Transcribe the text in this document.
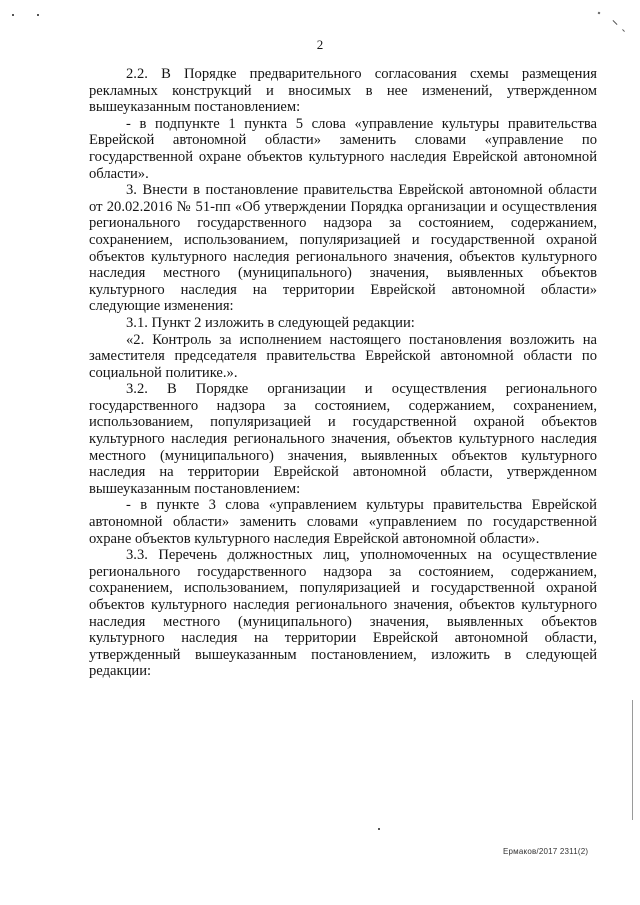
2

2.2. В Порядке предварительного согласования схемы размещения рекламных конструкций и вносимых в нее изменений, утвержденном вышеуказанным постановлением:

- в подпункте 1 пункта 5 слова «управление культуры правительства Еврейской автономной области» заменить словами «управление по государственной охране объектов культурного наследия Еврейской автономной области».

3. Внести в постановление правительства Еврейской автономной области от 20.02.2016 № 51-пп «Об утверждении Порядка организации и осуществления регионального государственного надзора за состоянием, содержанием, сохранением, использованием, популяризацией и государственной охраной объектов культурного наследия регионального значения, объектов культурного наследия местного (муниципального) значения, выявленных объектов культурного наследия на территории Еврейской автономной области» следующие изменения:

3.1. Пункт 2 изложить в следующей редакции:

«2. Контроль за исполнением настоящего постановления возложить на заместителя председателя правительства Еврейской автономной области по социальной политике.».

3.2. В Порядке организации и осуществления регионального государственного надзора за состоянием, содержанием, сохранением, использованием, популяризацией и государственной охраной объектов культурного наследия регионального значения, объектов культурного наследия местного (муниципального) значения, выявленных объектов культурного наследия на территории Еврейской автономной области, утвержденном вышеуказанным постановлением:

- в пункте 3 слова «управлением культуры правительства Еврейской автономной области» заменить словами «управлением по государственной охране объектов культурного наследия Еврейской автономной области».

3.3. Перечень должностных лиц, уполномоченных на осуществление регионального государственного надзора за состоянием, содержанием, сохранением, использованием, популяризацией и государственной охраной объектов культурного наследия регионального значения, объектов культурного наследия местного (муниципального) значения, выявленных объектов культурного наследия на территории Еврейской автономной области, утвержденный вышеуказанным постановлением, изложить в следующей редакции:

Ермаков/2017 2311(2)
